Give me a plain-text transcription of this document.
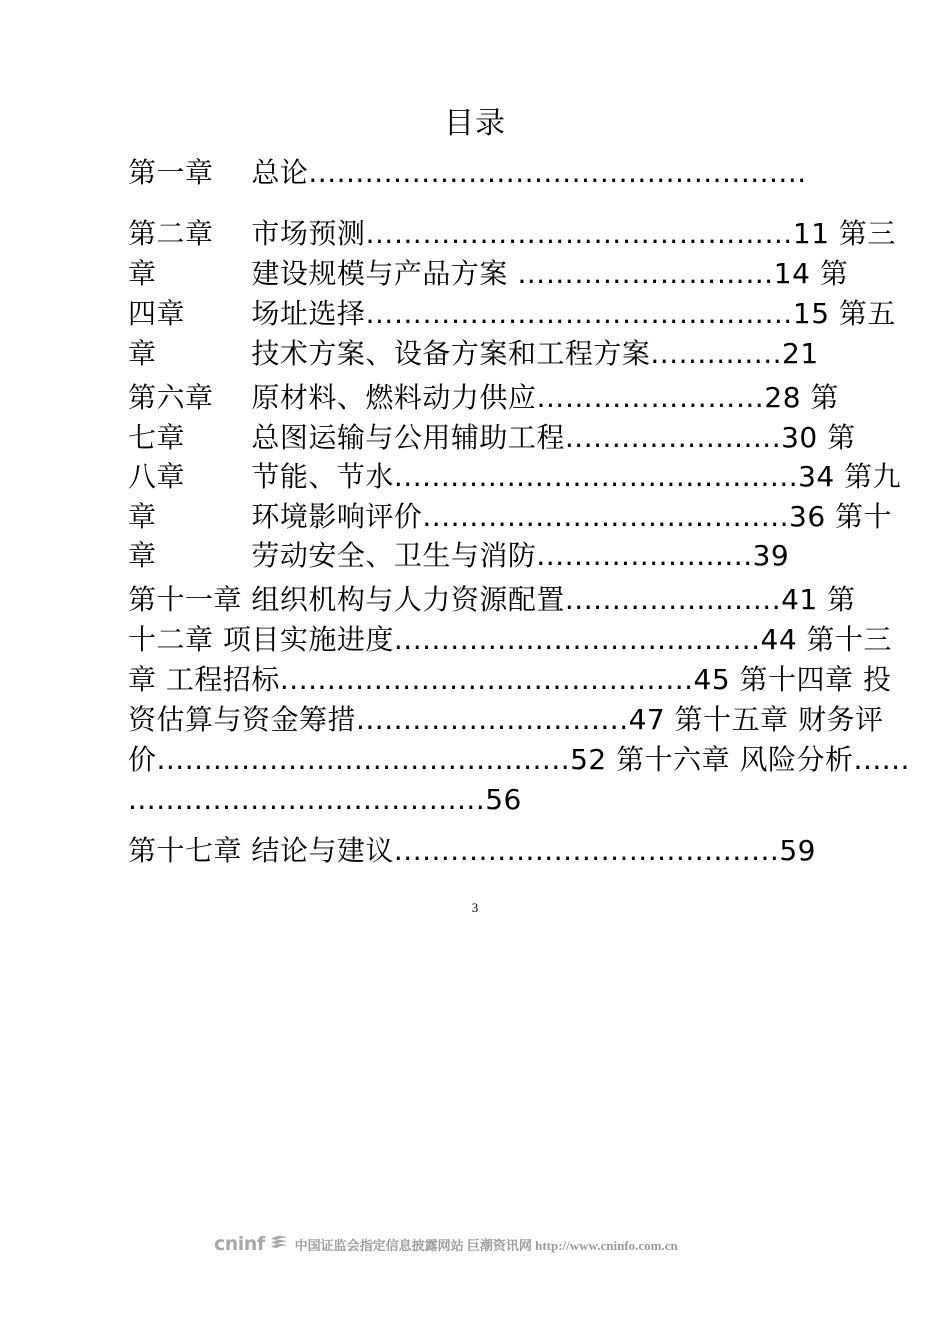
目录
第一章　 总论.....................................................
第二章　 市场预测………………………………………11 第三
章　　　 建设规模与产品方案 ………………………14 第
四章　　 场址选择………………………………………15 第五
章　　　 技术方案、设备方案和工程方案..............21
第六章　 原材料、燃料动力供应……………………28 第
七章　　 总图运输与公用辅助工程.......................30 第
八章　　 节能、节水...........................................34 第九
章　　　 环境影响评价.......................................36 第十
章　　　 劳动安全、卫生与消防.......................39
第十一章 组织机构与人力资源配置.......................41 第
十二章 项目实施进度.......................................44 第十三
章 工程招标............................................45 第十四章 投
资估算与资金筹措.............................47 第十五章 财务评
价............................................52 第十六章 风险分析......
......................................56
第十七章 结论与建议.........................................59
3
cninf 中国证监会指定信息披露网站 巨潮资讯网 http://www.cninfo.com.cn
